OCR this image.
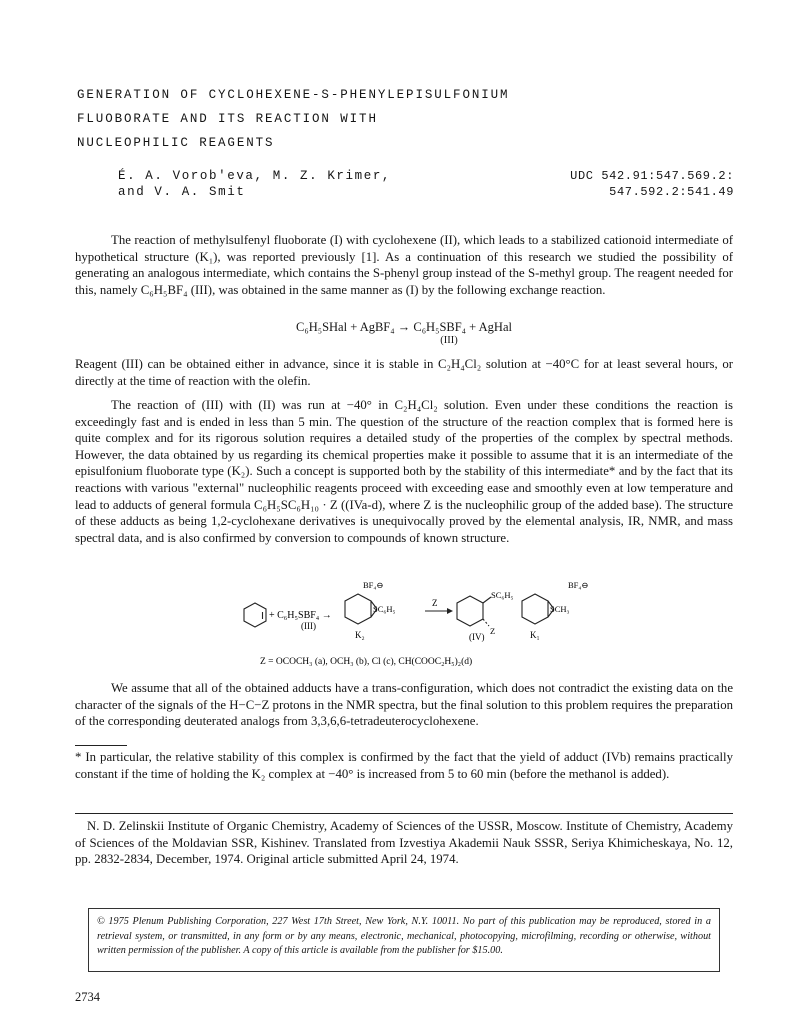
GENERATION OF CYCLOHEXENE-S-PHENYLEPISULFONIUM
FLUOBORATE AND ITS REACTION WITH
NUCLEOPHILIC REAGENTS
É. A. Vorob'eva, M. Z. Krimer,
and V. A. Smit
UDC 542.91:547.569.2:
547.592.2:541.49
The reaction of methylsulfenyl fluoborate (I) with cyclohexene (II), which leads to a stabilized cationoid intermediate of hypothetical structure (K₁), was reported previously [1]. As a continuation of this research we studied the possibility of generating an analogous intermediate, which contains the S-phenyl group instead of the S-methyl group. The reagent needed for this, namely C₆H₅BF₄ (III), was obtained in the same manner as (I) by the following exchange reaction.
C₆H₅SHal + AgBF₄ → C₆H₅SBF₄ + AgHal
(III)
Reagent (III) can be obtained either in advance, since it is stable in C₂H₄Cl₂ solution at −40°C for at least several hours, or directly at the time of reaction with the olefin.
The reaction of (III) with (II) was run at −40° in C₂H₄Cl₂ solution. Even under these conditions the reaction is exceedingly fast and is ended in less than 5 min. The question of the structure of the reaction complex that is formed here is quite complex and for its rigorous solution requires a detailed study of the properties of the complex by spectral methods. However, the data obtained by us regarding its chemical properties make it possible to assume that it is an intermediate of the episulfonium fluoborate type (K₂). Such a concept is supported both by the stability of this intermediate* and by the fact that its reactions with various "external" nucleophilic reagents proceed with exceeding ease and smoothly even at low temperature and lead to adducts of general formula C₆H₅SC₆H₁₀ · Z ((IVa-d), where Z is the nucleophilic group of the added base). The structure of these adducts as being 1,2-cyclohexane derivatives is unequivocally proved by the elemental analysis, IR, NMR, and mass spectral data, and is also confirmed by conversion to compounds of known structure.
+ C₆H₅SBF₄ →
(III)
SC₆H₅
BF₄⊖
K₂
Z
SC₆H₅
Z
(IV)
SCH₃
BF₄⊖
K₁
Z = OCOCH₃ (a), OCH₃ (b), Cl (c), CH(COOC₂H₅)₂(d)
We assume that all of the obtained adducts have a trans-configuration, which does not contradict the existing data on the character of the signals of the H−C−Z protons in the NMR spectra, but the final solution to this problem requires the preparation of the corresponding deuterated analogs from 3,3,6,6-tetradeuterocyclohexene.
* In particular, the relative stability of this complex is confirmed by the fact that the yield of adduct (IVb) remains practically constant if the time of holding the K₂ complex at −40° is increased from 5 to 60 min (before the methanol is added).
N. D. Zelinskii Institute of Organic Chemistry, Academy of Sciences of the USSR, Moscow. Institute of Chemistry, Academy of Sciences of the Moldavian SSR, Kishinev. Translated from Izvestiya Akademii Nauk SSSR, Seriya Khimicheskaya, No. 12, pp. 2832-2834, December, 1974. Original article submitted April 24, 1974.
© 1975 Plenum Publishing Corporation, 227 West 17th Street, New York, N.Y. 10011. No part of this publication may be reproduced, stored in a retrieval system, or transmitted, in any form or by any means, electronic, mechanical, photocopying, microfilming, recording or otherwise, without written permission of the publisher. A copy of this article is available from the publisher for $15.00.
2734
